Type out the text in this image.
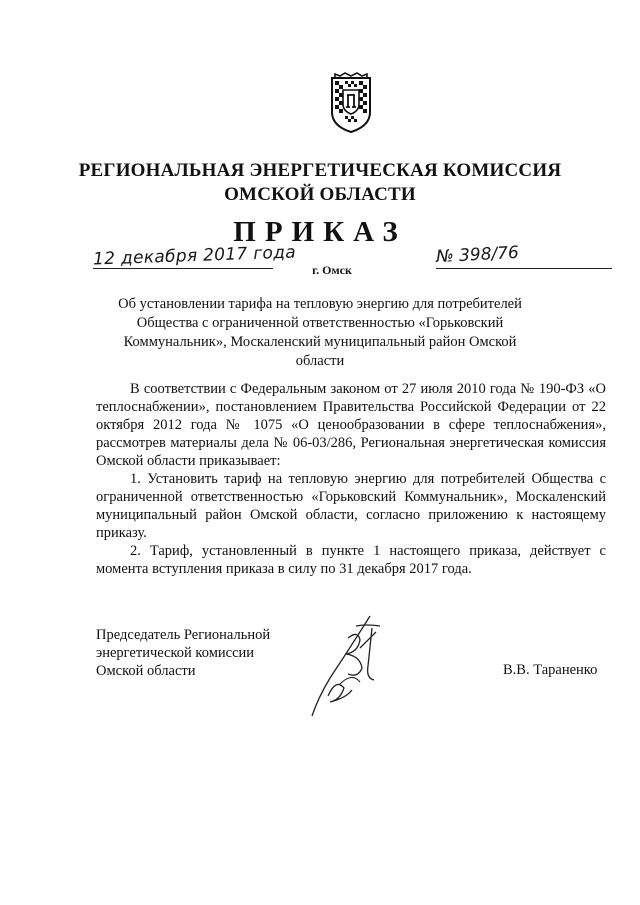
РЕГИОНАЛЬНАЯ ЭНЕРГЕТИЧЕСКАЯ КОМИССИЯ
ОМСКОЙ ОБЛАСТИ
ПРИКАЗ
12 декабря 2017 года	№ 398/76
г. Омск
Об установлении тарифа на тепловую энергию для потребителей Общества с ограниченной ответственностью «Горьковский Коммунальник», Москаленский муниципальный район Омской области

В соответствии с Федеральным законом от 27 июля 2010 года № 190-ФЗ «О теплоснабжении», постановлением Правительства Российской Федерации от 22 октября 2012 года № 1075 «О ценообразовании в сфере теплоснабжения», рассмотрев материалы дела № 06-03/286, Региональная энергетическая комиссия Омской области приказывает:

1. Установить тариф на тепловую энергию для потребителей Общества с ограниченной ответственностью «Горьковский Коммунальник», Москаленский муниципальный район Омской области, согласно приложению к настоящему приказу.

2. Тариф, установленный в пункте 1 настоящего приказа, действует с момента вступления приказа в силу по 31 декабря 2017 года.

Председатель Региональной
энергетической комиссии
Омской области	В.В. Тараненко
